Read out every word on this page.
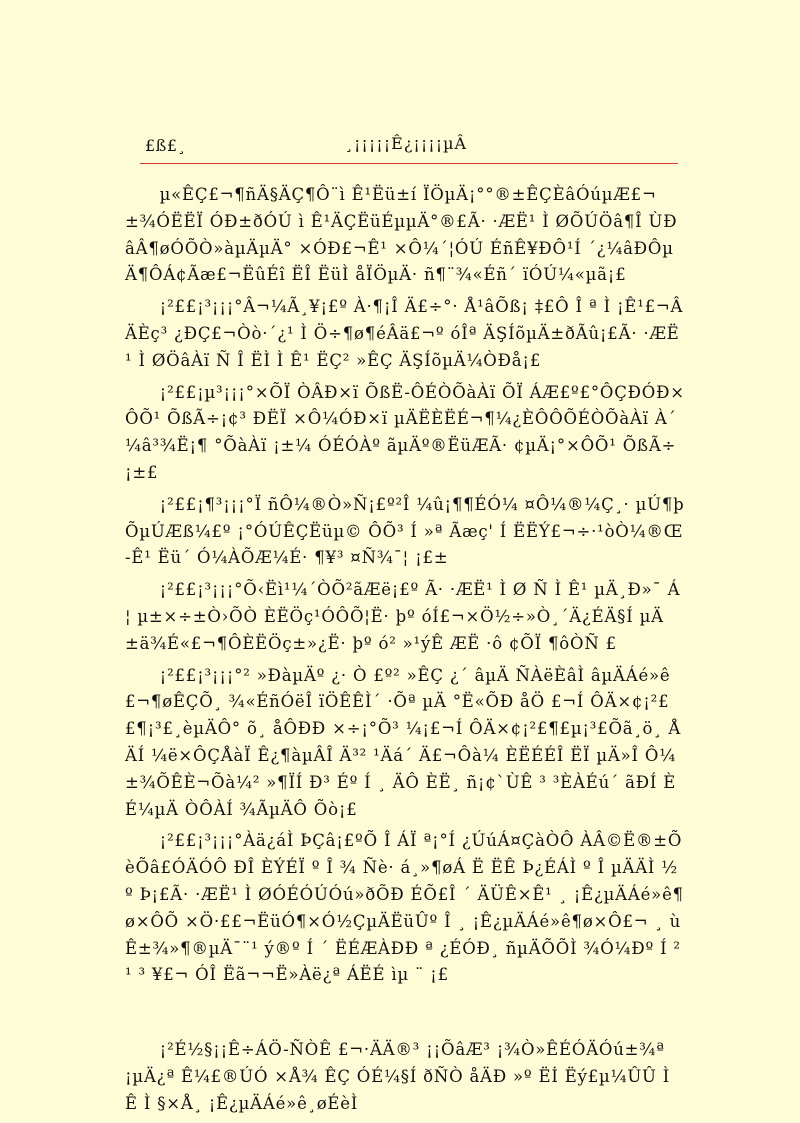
£ß£¸	¸¡¡¡¡¡Ê¿¡¡¡¡µÂ

µ«ÊÇ£¬¶ñÄ§ÄÇ¶Ô¨ì Ê¹Ëü±í ÏÖµÄ¡°°®±ÊÇÈâÓúµÆ£¬±¾ÓËËÏ ÓÐ±ðÓÚ ì Ê¹ÄÇËüÉµµÄ°®£Ã· ·ÆË¹ Ì ØÕÚÖâ¶Î ÙÐâÂ¶øÓÕÒ»àµÄµÄ° ×ÓÐ£¬Ê¹ ×Ô¼´¦ÓÚ ÉñÊ¥ÐÔ¹Í ´¿¼âÐÔµÄ¶ÔÁ¢Ãæ£¬ËûÉî ËÎ ËüÌ åÏÖµÄ· ñ¶¨¾«Éñ´ ïÓÚ¼«µã¡£

¡²££¡³¡¡¡°Â¬¼Ã¸¥¡£º À·¶¡Î Ä£÷°· Å¹âÕß¡ ‡£Ô Î ª Ì ¡Ê¹£¬ÂÄÈç³ ¿ÐÇ£¬Òò·´¿¹ Ì Ö÷¶ø¶éÂä£¬º óÎª ÄŞÍõµÄ±ðÃû¡£Ã· ·ÆË¹ Ì ØÖâÀï Ñ Î ËÌ Ì Ê¹ ËÇ² »ÊÇ ÄŞÍõµÄ¼ÒÐå¡£

¡²££¡µ³¡¡¡°×ÕÏ ÒÂÐ×ï ÕßË-ÔÉÒÕàÀï ÕÏ ÁÆ£º£°ÔÇÐÓÐ×ÔÕ¹ ÕßÃ÷¡¢³ ÐËÏ ×Ô¼ÓÐ×ï µÄËÈËÉ¬¶¼¿ÈÔÔÕÉÒÕàÀï À´ ¼â³¾Ë¡¶ °ÕàÀï ¡±¼ ÓÉÓÀº ãµÄº®ËüÆÃ· ¢µÄ¡°×ÔÕ¹ ÕßÃ÷¡±£

¡²££¡¶³¡¡¡°Ï ñÔ¼®Ò»Ñ¡£º²Î ¼û¡¶¶ÉÓ¼ ¤Ô¼®¼Ç¸· µÚ¶þÕµÚÆß¼£º ¡°ÓÚÊÇËüµ© ÔÕ³ Í »ª Ãæç' Í ËËÝ£¬÷·¹òÒ¼®Œ-Ê¹ Ëü´ Ó¼ÀÕÆ¼É· ¶¥³ ¤Ñ¾¯¦ ¡£±

¡²££¡³¡¡¡°Õ‹Ëì¹¼´ÒÕ²ãÆë¡£º Ã· ·ÆË¹ Ì Ø Ñ Ì Ê¹ µÄ¸Ð»¯ Á¦ µ±×÷±Ò›ÕÒ ÈËÖç¹ÓÔÕ¦Ë· þº óÍ£¬×Ö½÷»Ò¸´Ä¿ÉÄ§Í µÄ±ä¾É«£¬¶ÔÈËÖç±»¿Ë· þº ó² »¹ýÊ ÆË ·ô ¢ÕÏ ¶ôÒÑ £

¡²££¡³¡¡¡°² »ÐàµÄº ¿· Ò £º² »ÊÇ ¿´ âµÄ ÑÀëÈâÌ âµÄÁé»ê£¬¶øÊÇÕ¸ ¾«ÉñÓëÎ ïÖÊÊÌ´ ·Õª µÄ °Ë«ÕÐ åÖ £¬Í ÔÄ×¢¡²££¶¡³£¸èµÄÔ° õ¸ åÔÐÐ ×÷¡°Õ³ ¼¡£¬Í ÔÄ×¢¡²£¶£µ¡³£Õã¸ö¸ Å ÄÍ ¼ë×ÔÇÅàÏ Ê¿¶àµÂÎ Ä³² ¹Äá´ Ä£¬Ôà¼ ÈËÉÉÎ ËÏ µÄ»Î Ô¼±¾ÕÊÈ¬Õà¼² »¶ÏÍ Ð³ Éº Í ¸ ÄÔ ÈË¸ ñ¡¢`ÙÊ ³ ³ÈÀÉú´ ãÐÍ ÈÉ¼µÄ ÒÔÀÍ ¾ÃµÄÔ Õò¡£

¡²££¡³¡¡¡°Àä¿áÌ ÞÇâ¡£ºÕ Î ÁÏ ª¡°Í ¿ÚúÁ¤ÇàÒÔ ÀÂ©Ë®±ÕèÕâ£ÓÄÓÔ ÐÎ ÈÝÉÏ º Î ¾ Ñè· á¸»¶øÁ Ë ËÊ Þ¿ÉÁÌ º Î µÄÄÌ ½ º Þ¡£Ã· ·ÆË¹ Ì ØÓÉÓÚÓú»ðÕÐ ÉÕ£Î ´ ÄÜÊ×Ê¹ ¸ ¡Ê¿µÄÁé»ê¶ø×ÔÕ ×Ö·££¬ËüÓ¶×Ó½ÇµÄËüÛº Î ¸ ¡Ê¿µÄÁé»ê¶ø×Ô£¬ ¸ ùÊ±¾»¶®µÄ¯¨¹ ý®º Í ´ ËÉÆÀÐÐ ª ¿ÉÓÐ¸ ñµÄÕÕÌ ¾Ó¼Ðº Í ² ¹ ³ ¥£¬ ÓÎ Ëã¬¬Ë»Àë¿ª ÁËÉ ìµ ¨ ¡£

¡²É½§¡¡Ê÷ÁÖ-ÑÒÊ £¬·ÄÄ®³ ¡¡ÕâÆ³ ¡¾Ò»ÊÉÓÄÓú±¾ª ¡µÄ¿ª Ê¼£®ÚÓ ×Å¾ ÊÇ ÓÉ¼§Í ðÑÒ åÄÐ »º Ëİ Ëý£µ¼ÛÛ Ì Ê Ì §×Å¸ ¡Ê¿µÄÁé»ê¸øÉèÌ
